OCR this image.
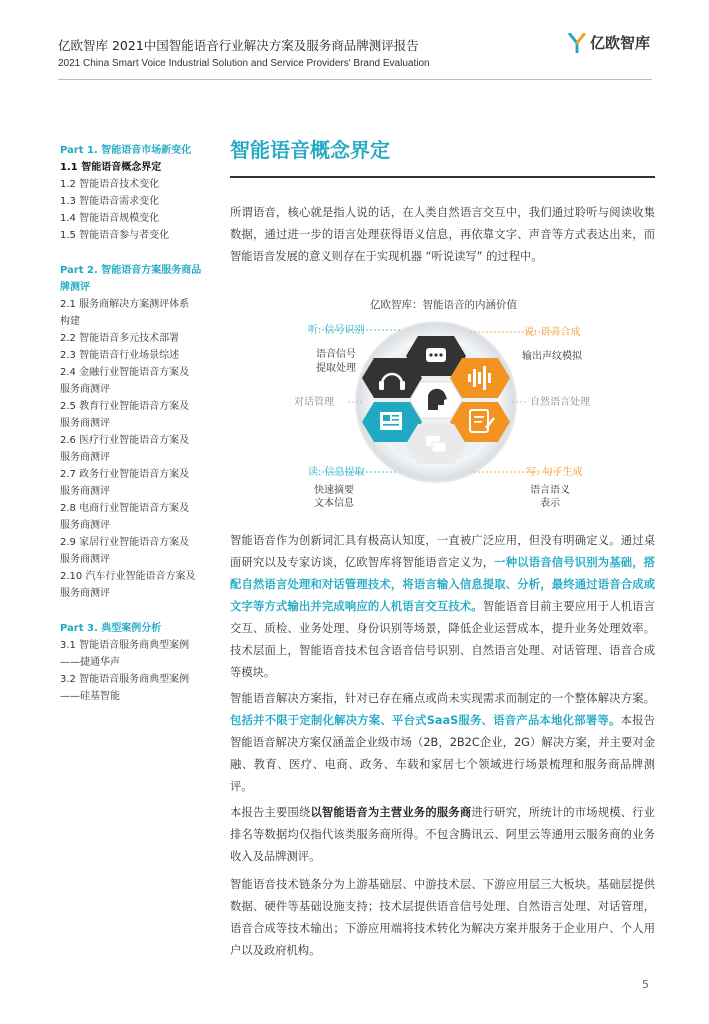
亿欧智库 2021中国智能语音行业解决方案及服务商品牌测评报告
2021 China Smart Voice Industrial Solution and Service Providers' Brand Evaluation
亿欧智库
Part 1. 智能语音市场新变化
1.1 智能语音概念界定
1.2 智能语音技术变化
1.3 智能语音需求变化
1.4 智能语音规模变化
1.5 智能语音参与者变化
Part 2. 智能语音方案服务商品
牌测评
2.1 服务商解决方案测评体系
构建
2.2 智能语音多元技术部署
2.3 智能语音行业场景综述
2.4 金融行业智能语音方案及
服务商测评
2.5 教育行业智能语音方案及
服务商测评
2.6 医疗行业智能语音方案及
服务商测评
2.7 政务行业智能语音方案及
服务商测评
2.8 电商行业智能语音方案及
服务商测评
2.9 家居行业智能语音方案及
服务商测评
2.10 汽车行业智能语音方案及
服务商测评
Part 3. 典型案例分析
3.1 智能语音服务商典型案例
——捷通华声
3.2 智能语音服务商典型案例
——硅基智能
智能语音概念界定

所谓语音，核心就是指人说的话，在人类自然语言交互中，我们通过聆听与阅读收集数据，通过进一步的语言处理获得语义信息，再依靠文字、声音等方式表达出来，而智能语音发展的意义则存在于实现机器 “听说读写” 的过程中。

亿欧智库：智能语音的内涵价值
听: 信号识别
语音信号
提取处理
说: 语音合成
输出声纹模拟
对话管理	自然语言处理
读: 信息提取
快速摘要
文本信息
写: 句子生成
语言语义
表示

智能语音作为创新词汇具有极高认知度，一直被广泛应用，但没有明确定义。通过桌面研究以及专家访谈，亿欧智库将智能语音定义为，一种以语音信号识别为基础，搭配自然语言处理和对话管理技术，将语言输入信息提取、分析，最终通过语音合成或文字等方式输出并完成响应的人机语言交互技术。智能语音目前主要应用于人机语言交互、质检、业务处理、身份识别等场景，降低企业运营成本，提升业务处理效率。技术层面上，智能语音技术包含语音信号识别、自然语言处理、对话管理、语音合成等模块。

智能语音解决方案指，针对已存在痛点或尚未实现需求而制定的一个整体解决方案。包括并不限于定制化解决方案、平台式SaaS服务、语音产品本地化部署等。本报告智能语音解决方案仅涵盖企业级市场（2B，2B2C企业，2G）解决方案，并主要对金融、教育、医疗、电商、政务、车载和家居七个领域进行场景梳理和服务商品牌测评。

本报告主要围绕以智能语音为主营业务的服务商进行研究，所统计的市场规模、行业排名等数据均仅指代该类服务商所得。不包含腾讯云、阿里云等通用云服务商的业务收入及品牌测评。

智能语音技术链条分为上游基础层、中游技术层、下游应用层三大板块。基础层提供数据、硬件等基础设施支持；技术层提供语音信号处理、自然语言处理、对话管理，语音合成等技术输出；下游应用端将技术转化为解决方案并服务于企业用户、个人用户以及政府机构。

5
